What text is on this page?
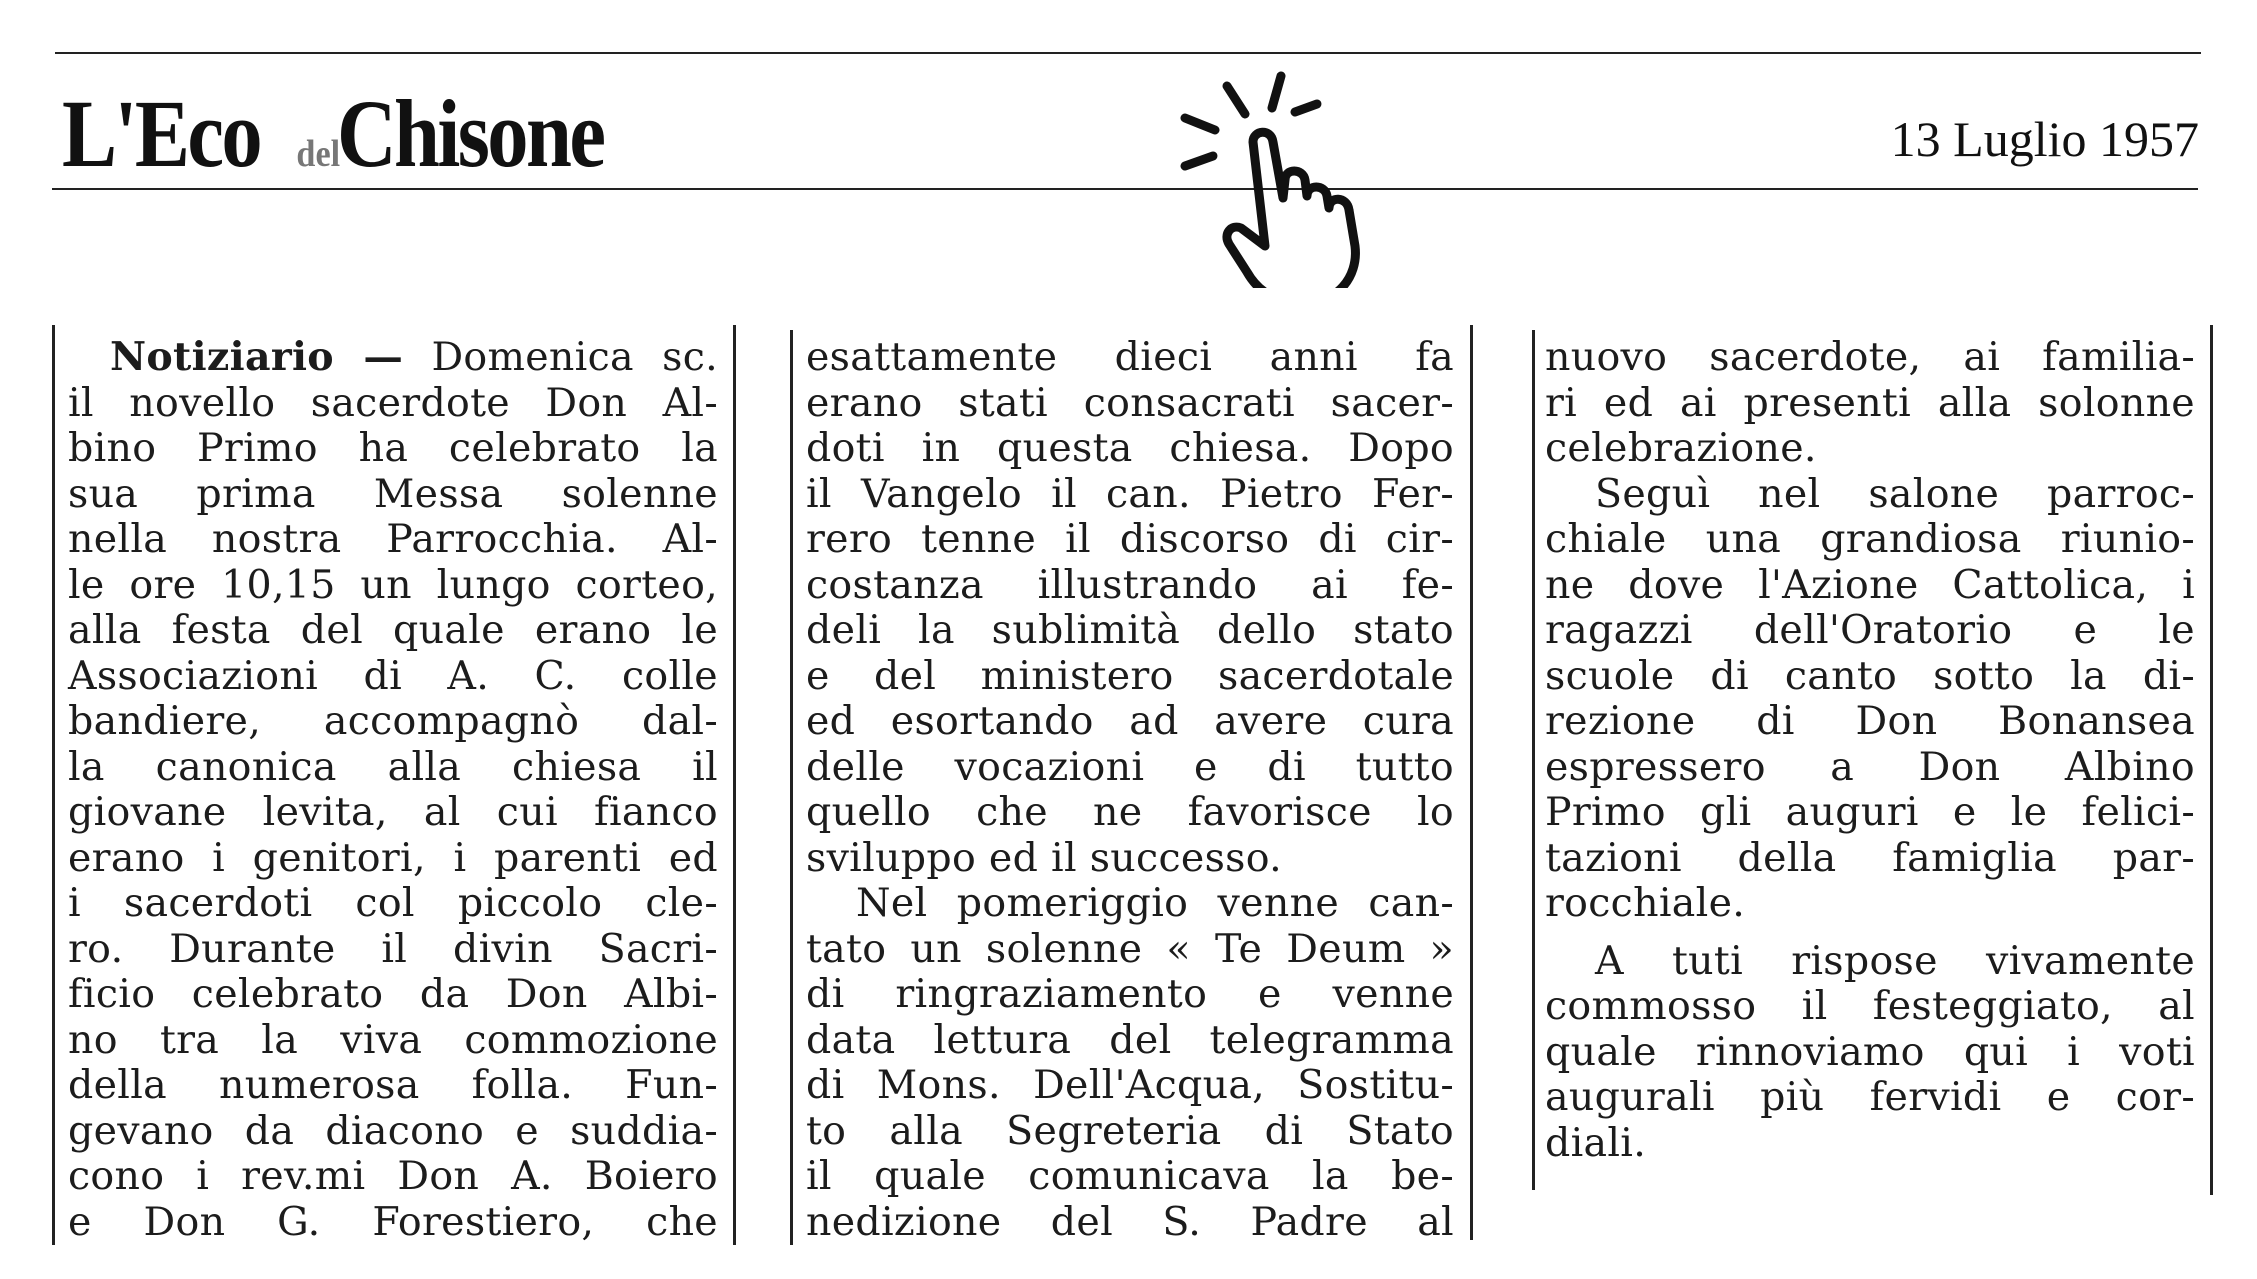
L'Eco del
Chisone	13 Luglio 1957
Notiziario — Domenica sc.
il novello sacerdote Don Al-
bino Primo ha celebrato la
sua prima Messa solenne
nella nostra Parrocchia. Al-
le ore 10,15 un lungo corteo,
alla festa del quale erano le
Associazioni di A. C. colle
bandiere, accompagnò dal-
la canonica alla chiesa il
giovane levita, al cui fianco
erano i genitori, i parenti ed
i sacerdoti col piccolo cle-
ro. Durante il divin Sacri-
ficio celebrato da Don Albi-
no tra la viva commozione
della numerosa folla. Fun-
gevano da diacono e suddia-
cono i rev.mi Don A. Boiero
e Don G. Forestiero, che
esattamente dieci anni fa
erano stati consacrati sacer-
doti in questa chiesa. Dopo
il Vangelo il can. Pietro Fer-
rero tenne il discorso di cir-
costanza illustrando ai fe-
deli la sublimità dello stato
e del ministero sacerdotale
ed esortando ad avere cura
delle vocazioni e di tutto
quello che ne favorisce lo
sviluppo ed il successo.
Nel pomeriggio venne can-
tato un solenne « Te Deum »
di ringraziamento e venne
data lettura del telegramma
di Mons. Dell'Acqua, Sostitu-
to alla Segreteria di Stato
il quale comunicava la be-
nedizione del S. Padre al
nuovo sacerdote, ai familia-
ri ed ai presenti alla solonne
celebrazione.
Seguì nel salone parroc-
chiale una grandiosa riunio-
ne dove l'Azione Cattolica, i
ragazzi dell'Oratorio e le
scuole di canto sotto la di-
rezione di Don Bonansea
espressero a Don Albino
Primo gli auguri e le felici-
tazioni della famiglia par-
rocchiale.
A tuti rispose vivamente
commosso il festeggiato, al
quale rinnoviamo qui i voti
augurali più fervidi e cor-
diali.
